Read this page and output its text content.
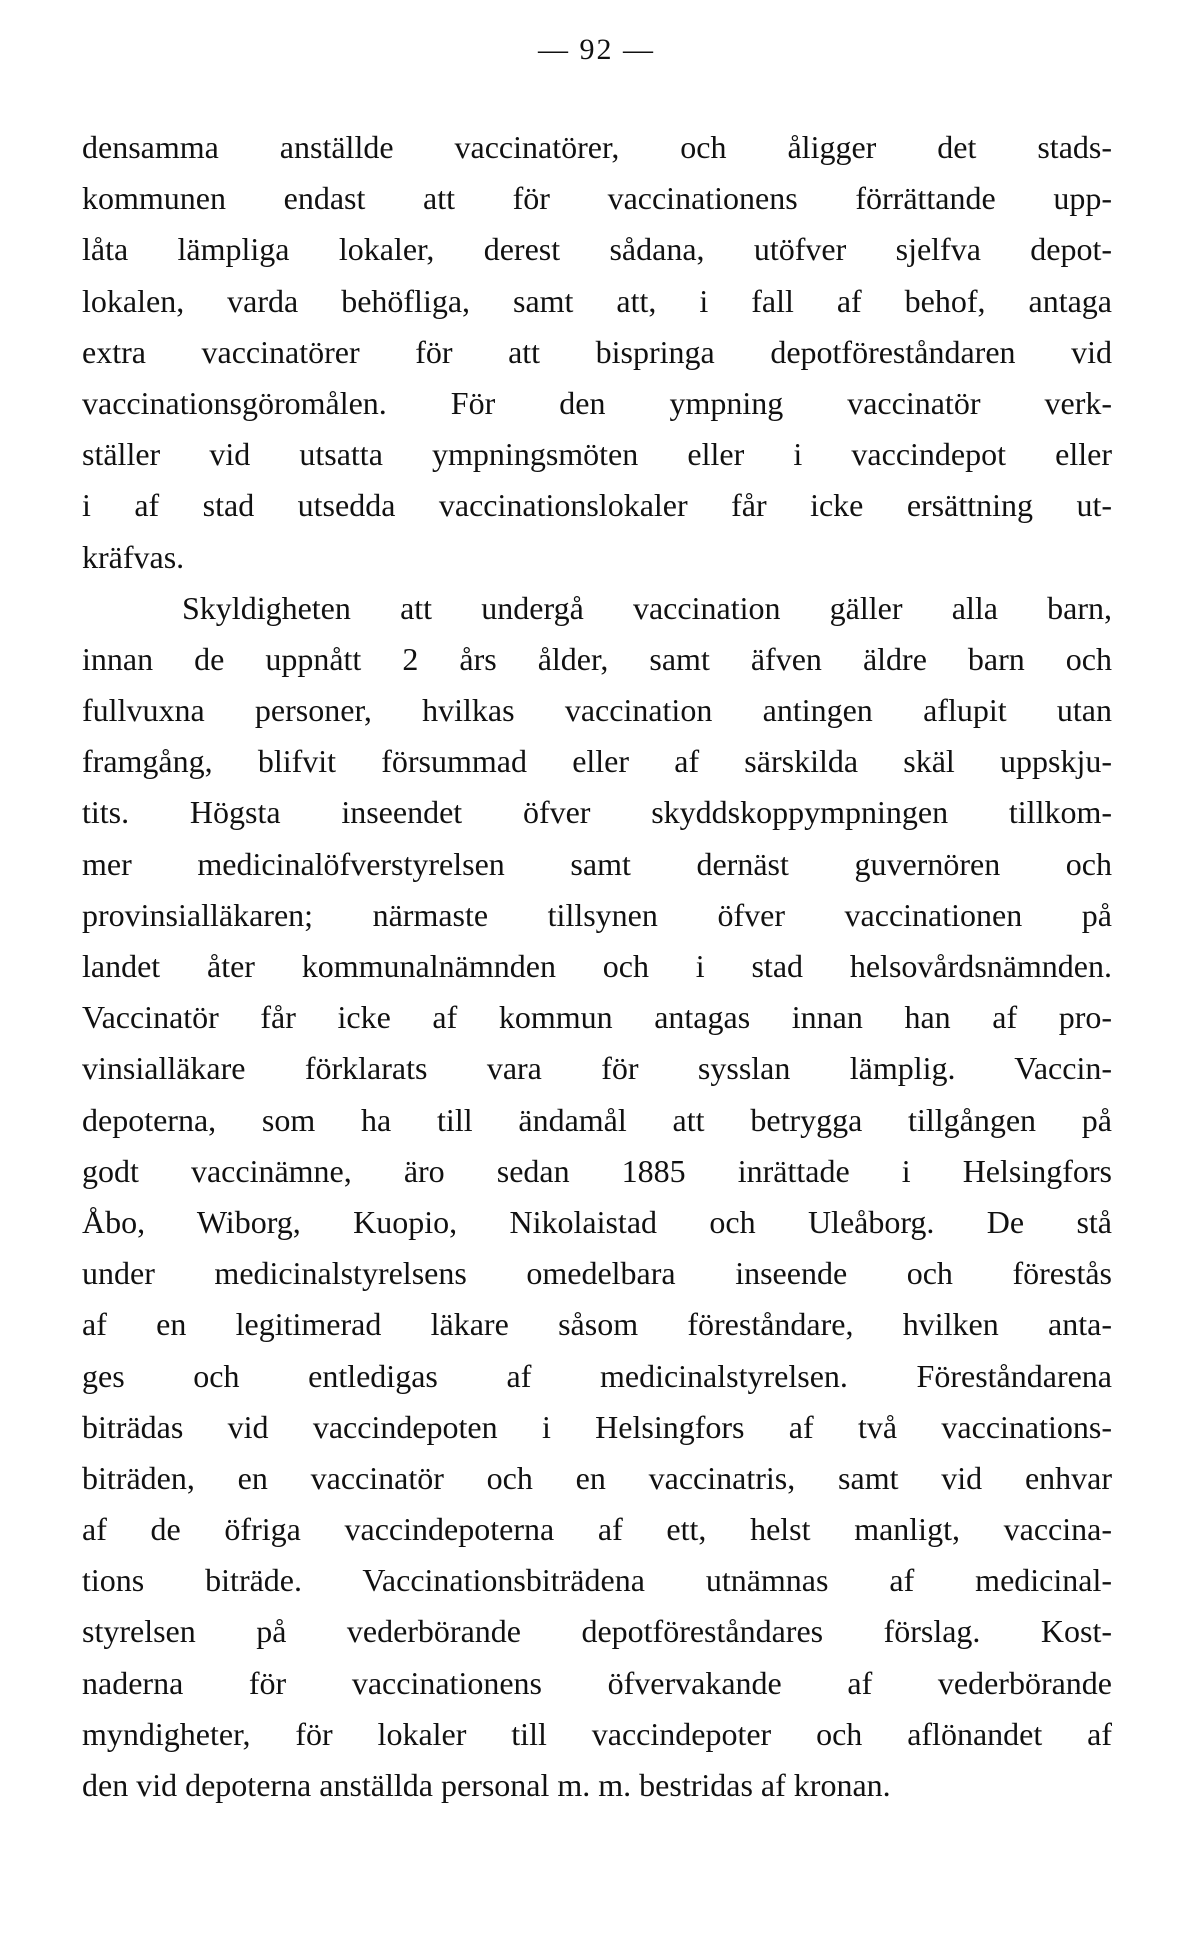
— 92 —
densamma anställde vaccinatörer, och åligger det stads-
kommunen endast att för vaccinationens förrättande upp-
låta lämpliga lokaler, derest sådana, utöfver sjelfva depot-
lokalen, varda behöfliga, samt att, i fall af behof, antaga
extra vaccinatörer för att bispringa depotföreståndaren vid
vaccinationsgöromålen. För den ympning vaccinatör verk-
ställer vid utsatta ympningsmöten eller i vaccindepot eller
i af stad utsedda vaccinationslokaler får icke ersättning ut-
kräfvas.
Skyldigheten att undergå vaccination gäller alla barn,
innan de uppnått 2 års ålder, samt äfven äldre barn och
fullvuxna personer, hvilkas vaccination antingen aflupit utan
framgång, blifvit försummad eller af särskilda skäl uppskju-
tits. Högsta inseendet öfver skyddskoppympningen tillkom-
mer medicinalöfverstyrelsen samt dernäst guvernören och
provinsialläkaren; närmaste tillsynen öfver vaccinationen på
landet åter kommunalnämnden och i stad helsovårdsnämnden.
Vaccinatör får icke af kommun antagas innan han af pro-
vinsialläkare förklarats vara för sysslan lämplig. Vaccin-
depoterna, som ha till ändamål att betrygga tillgången på
godt vaccinämne, äro sedan 1885 inrättade i Helsingfors
Åbo, Wiborg, Kuopio, Nikolaistad och Uleåborg. De stå
under medicinalstyrelsens omedelbara inseende och förestås
af en legitimerad läkare såsom föreståndare, hvilken anta-
ges och entledigas af medicinalstyrelsen. Föreståndarena
biträdas vid vaccindepoten i Helsingfors af två vaccinations-
biträden, en vaccinatör och en vaccinatris, samt vid enhvar
af de öfriga vaccindepoterna af ett, helst manligt, vaccina-
tions biträde. Vaccinationsbiträdena utnämnas af medicinal-
styrelsen på vederbörande depotföreståndares förslag. Kost-
naderna för vaccinationens öfvervakande af vederbörande
myndigheter, för lokaler till vaccindepoter och aflönandet af
den vid depoterna anställda personal m. m. bestridas af kronan.
